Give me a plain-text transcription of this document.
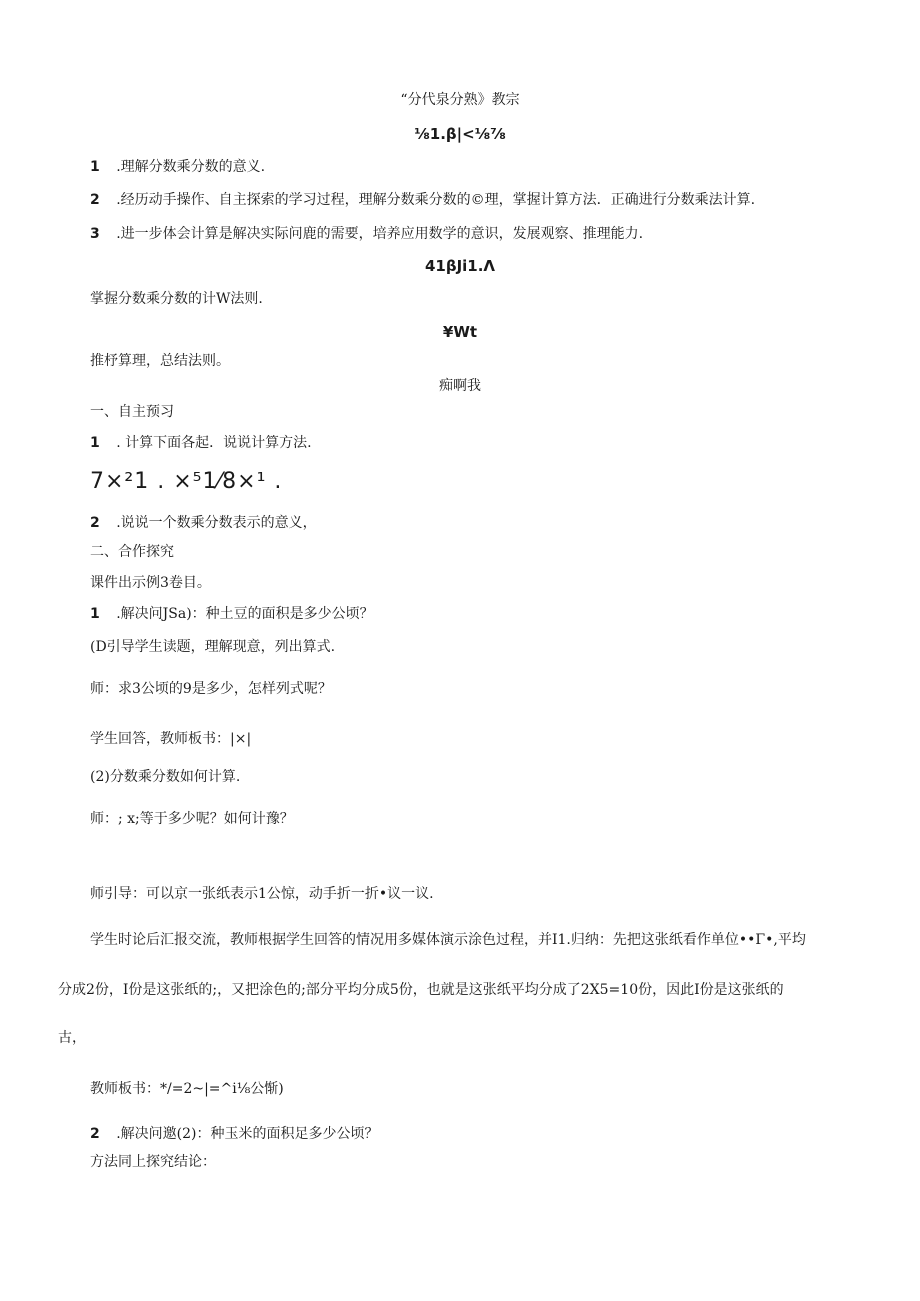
“分代泉分熟》教宗
⅛1.β|<⅛⅞
1 .理解分数乘分数的意义.
2 .经历动手操作、自主探索的学习过程，理解分数乘分数的©理，掌握计算方法．正确进行分数乘法计算.
3 .进一步体会计算是解决实际问鹿的需要，培养应用数学的意识，发展观察、推理能力.
41βJi1.Λ
掌握分数乘分数的计W法则.
¥Wt
推杼算理，总结法则。
痴啊我
一、自主预习
1 . 计算下面各起．说说计算方法.
7×²1 . ×⁵1⁄8×¹ .
2 .说说一个数乘分数表示的意义，
二、合作探究
课件出示例3卷目。
1 .解决问JSa)：种土豆的面积是多少公顷？
(D引导学生读题，理解现意，列出算式.
师：求3公顷的9是多少，怎样列式呢？
学生回答，教师板书：|×|
(2)分数乘分数如何计算.
师：; x;等于多少呢？如何计豫？
师引导：可以京一张纸表示1公惊，动手折一折•议一议.
学生时论后汇报交流，教师根据学生回答的情况用多媒体演示涂色过程，并I1.归纳：先把这张纸看作单位••Γ•,平均
分成2份，I份是这张纸的;，又把涂色的;部分平均分成5份，也就是这张纸平均分成了2X5=10份，因此I份是这张纸的
古，
教师板书：*/=2~|=^i⅛公惭)
2 .解决问邀(2)：种玉米的面积足多少公顷？
方法同上探究结论：
